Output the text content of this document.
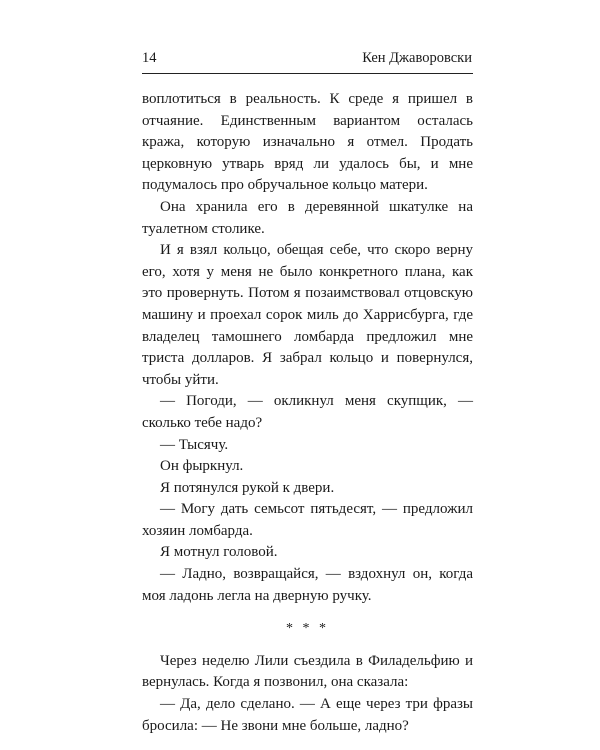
14	Кен Джаворовски

воплотиться в реальность. К среде я пришел в отчаяние. Единственным вариантом осталась кража, которую изначально я отмел. Продать церковную утварь вряд ли удалось бы, и мне подумалось про обручальное кольцо матери.

Она хранила его в деревянной шкатулке на туалетном столике.

И я взял кольцо, обещая себе, что скоро верну его, хотя у меня не было конкретного плана, как это провернуть. Потом я позаимствовал отцовскую машину и проехал сорок миль до Харрисбурга, где владелец тамошнего ломбарда предложил мне триста долларов. Я забрал кольцо и повернулся, чтобы уйти.

— Погоди, — окликнул меня скупщик, — сколько тебе надо?

— Тысячу.

Он фыркнул.

Я потянулся рукой к двери.

— Могу дать семьсот пятьдесят, — предложил хозяин ломбарда.

Я мотнул головой.

— Ладно, возвращайся, — вздохнул он, когда моя ладонь легла на дверную ручку.

* * *

Через неделю Лили съездила в Филадельфию и вернулась. Когда я позвонил, она сказала:

— Да, дело сделано. — А еще через три фразы бросила: — Не звони мне больше, ладно?
